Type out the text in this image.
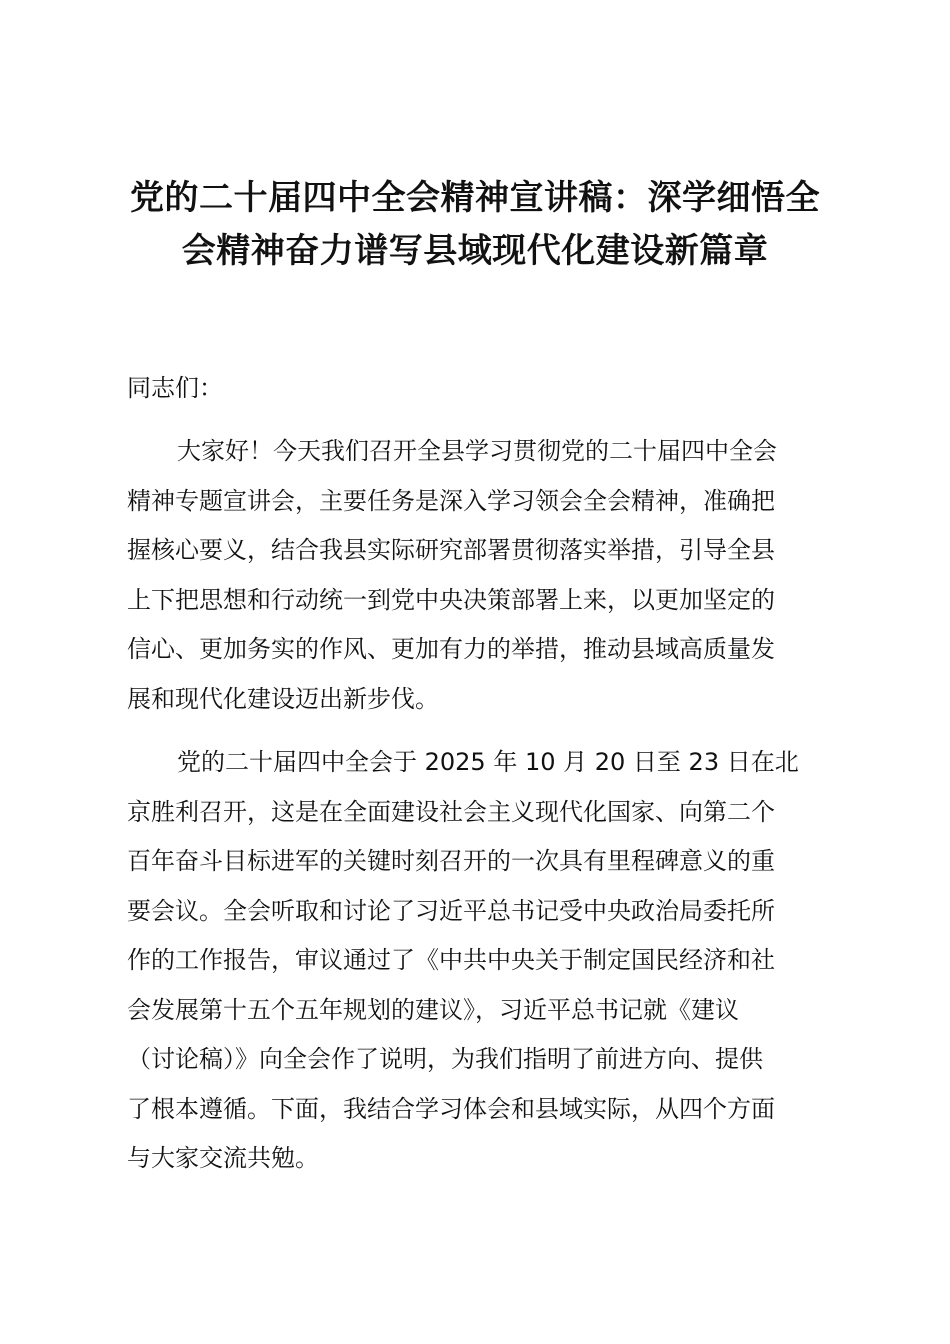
党的二十届四中全会精神宣讲稿：深学细悟全
会精神奋力谱写县域现代化建设新篇章

同志们：

大家好！今天我们召开全县学习贯彻党的二十届四中全会
精神专题宣讲会，主要任务是深入学习领会全会精神，准确把
握核心要义，结合我县实际研究部署贯彻落实举措，引导全县
上下把思想和行动统一到党中央决策部署上来，以更加坚定的
信心、更加务实的作风、更加有力的举措，推动县域高质量发
展和现代化建设迈出新步伐。

党的二十届四中全会于 2025 年 10 月 20 日至 23 日在北
京胜利召开，这是在全面建设社会主义现代化国家、向第二个
百年奋斗目标进军的关键时刻召开的一次具有里程碑意义的重
要会议。全会听取和讨论了习近平总书记受中央政治局委托所
作的工作报告，审议通过了《中共中央关于制定国民经济和社
会发展第十五个五年规划的建议》，习近平总书记就《建议
（讨论稿）》向全会作了说明，为我们指明了前进方向、提供
了根本遵循。下面，我结合学习体会和县域实际，从四个方面
与大家交流共勉。
